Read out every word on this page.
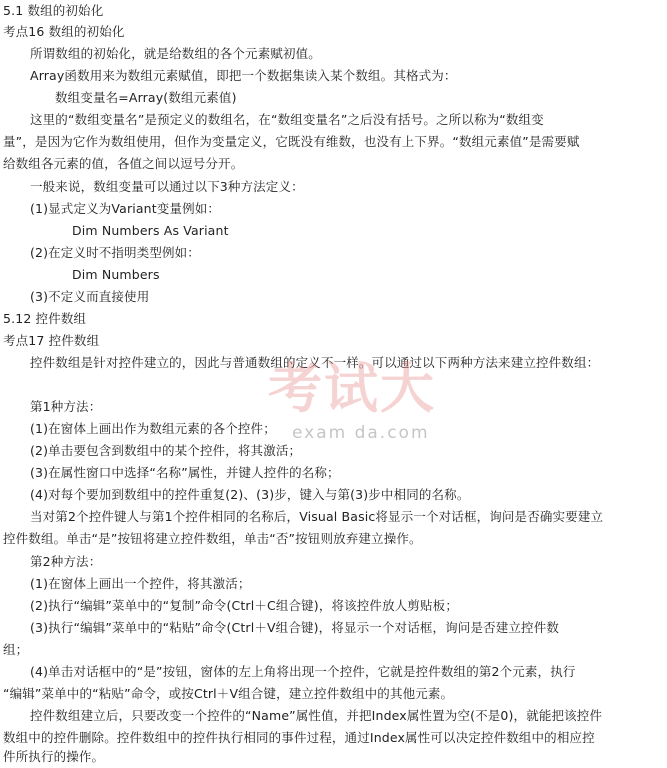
5.1 数组的初始化
考点16 数组的初始化
所谓数组的初始化，就是给数组的各个元素赋初值。
Array函数用来为数组元素赋值，即把一个数据集读入某个数组。其格式为：
数组变量名=Array(数组元素值)
这里的“数组变量名”是预定义的数组名，在“数组变量名”之后没有括号。之所以称为“数组变
量”，是因为它作为数组使用，但作为变量定义，它既没有维数，也没有上下界。“数组元素值”是需要赋
给数组各元素的值，各值之间以逗号分开。
一般来说，数组变量可以通过以下3种方法定义：
(1)显式定义为Variant变量例如：
Dim Numbers As Variant
(2)在定义时不指明类型例如：
Dim Numbers
(3)不定义而直接使用
5.12 控件数组
考点17 控件数组
控件数组是针对控件建立的，因此与普通数组的定义不一样。可以通过以下两种方法来建立控件数组：
第1种方法：
(1)在窗体上画出作为数组元素的各个控件；
(2)单击要包含到数组中的某个控件，将其激活；
(3)在属性窗口中选择“名称”属性，并键人控件的名称；
(4)对每个要加到数组中的控件重复(2)、(3)步，键入与第(3)步中相同的名称。
当对第2个控件键人与第1个控件相同的名称后，Visual Basic将显示一个对话框，询问是否确实要建立
控件数组。单击“是”按钮将建立控件数组，单击“否”按钮则放弃建立操作。
第2种方法：
(1)在窗体上画出一个控件，将其激活；
(2)执行“编辑”菜单中的“复制”命令(Ctrl＋C组合键)，将该控件放人剪贴板；
(3)执行“编辑”菜单中的“粘贴”命令(Ctrl＋V组合键)，将显示一个对话框，询问是否建立控件数
组；
(4)单击对话框中的“是”按钮，窗体的左上角将出现一个控件，它就是控件数组的第2个元素，执行
“编辑”菜单中的“粘贴”命令，或按Ctrl＋V组合键，建立控件数组中的其他元素。
控件数组建立后，只要改变一个控件的“Name”属性值，并把Index属性置为空(不是0)，就能把该控件
数组中的控件删除。控件数组中的控件执行相同的事件过程，通过Index属性可以决定控件数组中的相应控
件所执行的操作。
考试大
exam da.com
